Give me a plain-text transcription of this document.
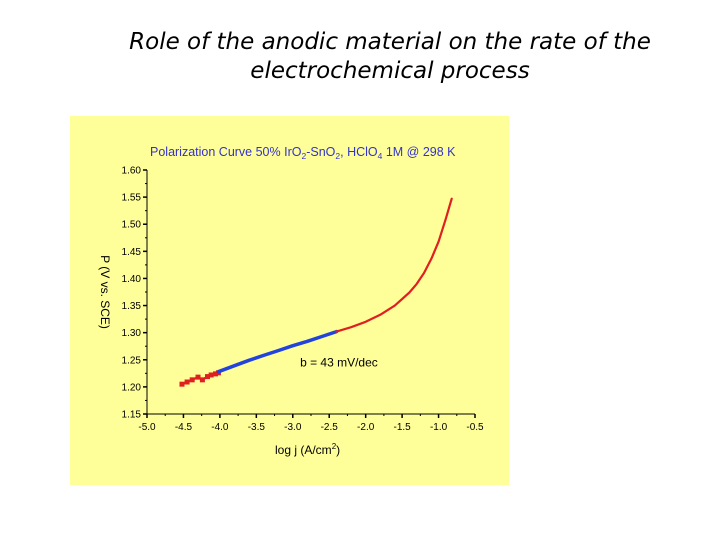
Role of the anodic material on the rate of the
electrochemical process
Polarization Curve 50% IrO$_2$-SnO$_2$, HClO$_4$ 1M @ 298 K
1.60
1.55
1.50
1.45
1.40
1.35
1.30
1.25
1.20
1.15
-5.0 -4.5 -4.0 -3.5 -3.0 -2.5 -2.0 -1.5 -1.0 -0.5
log j $(A/cm^2)$
P (V vs. SCE)
b = 43 mV/dec
